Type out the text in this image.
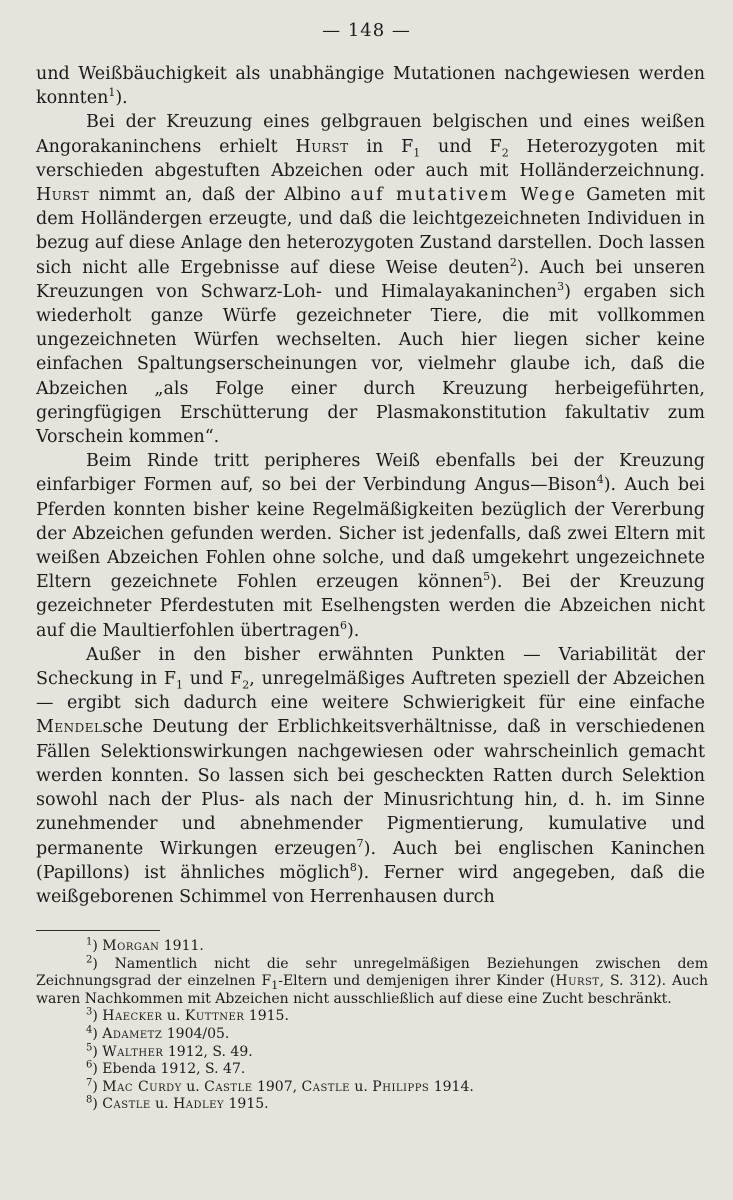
— 148 —

und Weißbäuchigkeit als unabhängige Mutationen nachgewiesen werden konnten$^1$).

Bei der Kreuzung eines gelbgrauen belgischen und eines weißen Angorakaninchens erhielt Hurst in $F_1$ und $F_2$ Heterozygoten mit verschieden abgestuften Abzeichen oder auch mit Holländerzeichnung. Hurst nimmt an, daß der Albino auf mutativem Wege Gameten mit dem Holländergen erzeugte, und daß die leichtgezeichneten Individuen in bezug auf diese Anlage den heterozygoten Zustand darstellen. Doch lassen sich nicht alle Ergebnisse auf diese Weise deuten$^2$). Auch bei unseren Kreuzungen von Schwarz-Loh- und Himalayakaninchen$^3$) ergaben sich wiederholt ganze Würfe gezeichneter Tiere, die mit vollkommen ungezeichneten Würfen wechselten. Auch hier liegen sicher keine einfachen Spaltungserscheinungen vor, vielmehr glaube ich, daß die Abzeichen „als Folge einer durch Kreuzung herbeigeführten, geringfügigen Erschütterung der Plasmakonstitution fakultativ zum Vorschein kommen“.

Beim Rinde tritt peripheres Weiß ebenfalls bei der Kreuzung einfarbiger Formen auf, so bei der Verbindung Angus—Bison$^4$). Auch bei Pferden konnten bisher keine Regelmäßigkeiten bezüglich der Vererbung der Abzeichen gefunden werden. Sicher ist jedenfalls, daß zwei Eltern mit weißen Abzeichen Fohlen ohne solche, und daß umgekehrt ungezeichnete Eltern gezeichnete Fohlen erzeugen können$^5$). Bei der Kreuzung gezeichneter Pferdestuten mit Eselhengsten werden die Abzeichen nicht auf die Maultierfohlen übertragen$^6$).

Außer in den bisher erwähnten Punkten — Variabilität der Scheckung in $F_1$ und $F_2$, unregelmäßiges Auftreten speziell der Abzeichen — ergibt sich dadurch eine weitere Schwierigkeit für eine einfache Mendelsche Deutung der Erblichkeitsverhältnisse, daß in verschiedenen Fällen Selektionswirkungen nachgewiesen oder wahrscheinlich gemacht werden konnten. So lassen sich bei gescheckten Ratten durch Selektion sowohl nach der Plus- als nach der Minusrichtung hin, d. h. im Sinne zunehmender und abnehmender Pigmentierung, kumulative und permanente Wirkungen erzeugen$^7$). Auch bei englischen Kaninchen (Papillons) ist ähnliches möglich$^8$). Ferner wird angegeben, daß die weißgeborenen Schimmel von Herrenhausen durch

$^1$) Morgan 1911.

$^2$) Namentlich nicht die sehr unregelmäßigen Beziehungen zwischen dem Zeichnungsgrad der einzelnen $F_1$-Eltern und demjenigen ihrer Kinder (Hurst, S. 312). Auch waren Nachkommen mit Abzeichen nicht ausschließlich auf diese eine Zucht beschränkt.

$^3$) Haecker u. Kuttner 1915.

$^4$) Adametz 1904/05.

$^5$) Walther 1912, S. 49.

$^6$) Ebenda 1912, S. 47.

$^7$) Mac Curdy u. Castle 1907, Castle u. Philipps 1914.

$^8$) Castle u. Hadley 1915.
